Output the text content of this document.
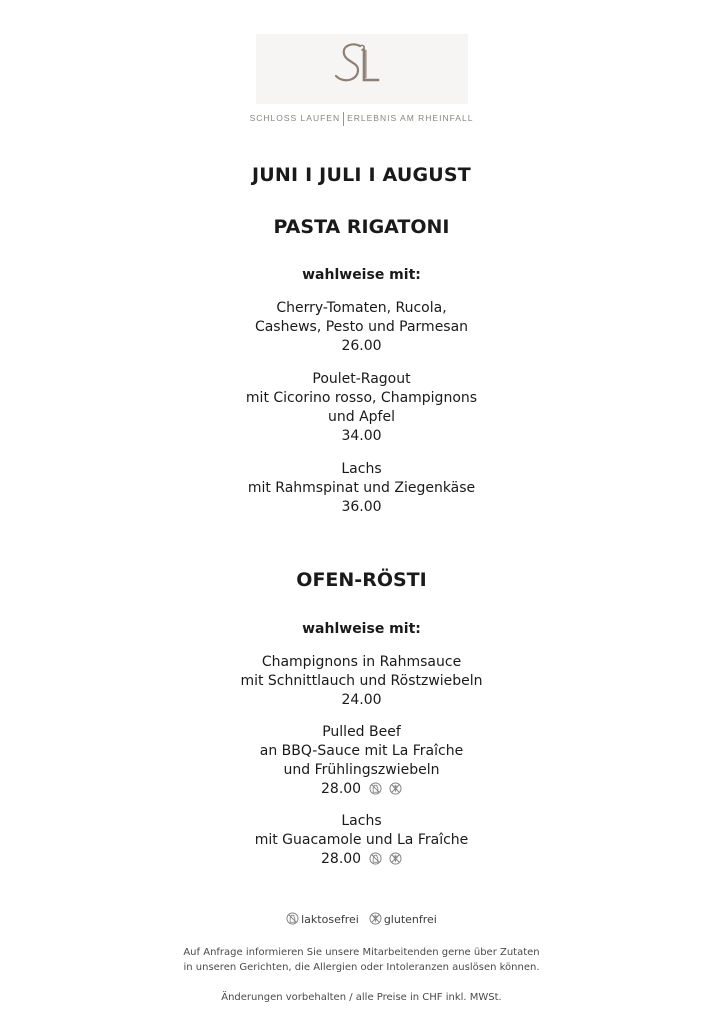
SCHLOSS LAUFEN ERLEBNIS AM RHEINFALL
JUNI I JULI I AUGUST
PASTA RIGATONI
wahlweise mit:
Cherry-Tomaten, Rucola,
Cashews, Pesto und Parmesan
26.00
Poulet-Ragout
mit Cicorino rosso, Champignons
und Apfel
34.00
Lachs
mit Rahmspinat und Ziegenkäse
36.00
OFEN-RÖSTI
wahlweise mit:
Champignons in Rahmsauce
mit Schnittlauch und Röstzwiebeln
24.00
Pulled Beef
an BBQ-Sauce mit La Fraîche
und Frühlingszwiebeln
28.00
Lachs
mit Guacamole und La Fraîche
28.00
laktosefrei glutenfrei
Auf Anfrage informieren Sie unsere Mitarbeitenden gerne über Zutaten
in unseren Gerichten, die Allergien oder Intoleranzen auslösen können.
Änderungen vorbehalten / alle Preise in CHF inkl. MWSt.
